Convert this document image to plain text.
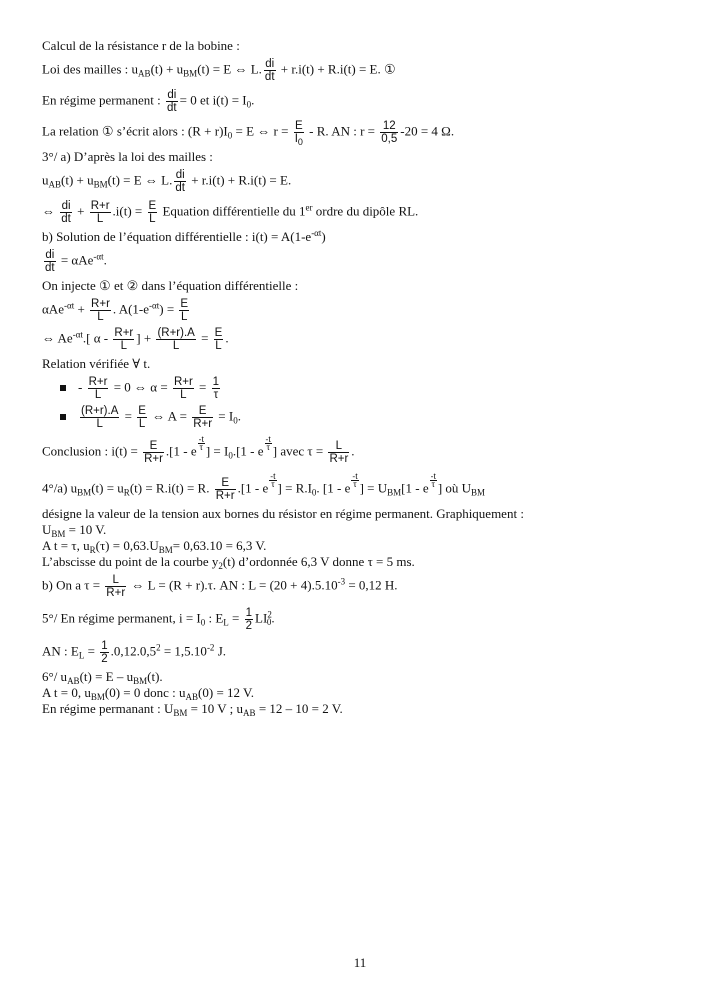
Calcul de la résistance r de la bobine :
Loi des mailles : $u_{AB}(t) + u_{BM}(t) = E$ ⇔ L. $\frac{di}{dt} + r.i(t) + R.i(t) = E$. ①
En régime permanent : $\frac{di}{dt} = 0$ et $i(t) = I_0$.
La relation ① s’écrit alors : $(R + r)I_0 = E$ ⇔ $r = \frac{E}{I_0} - R$. AN : $r = \frac{12}{0,5} -20 = 4$ Ω.
3°/ a) D’après la loi des mailles :
$u_{AB}(t) + u_{BM}(t) = E$ ⇔ L. $\frac{di}{dt} + r.i(t) + R.i(t) = E$.
⇔ $\frac{di}{dt} + \frac{R+r}{L} .i(t) = \frac{E}{L}$ Equation différentielle du 1er ordre du dipôle RL.
b) Solution de l’équation différentielle : $i(t) = A(1-e^{-\alpha t})$
$\frac{di}{dt} = \alpha Ae^{-\alpha t}$.
On injecte ① et ② dans l’équation différentielle :
$\alpha Ae^{-\alpha t} + \frac{R+r}{L}$ . $A(1-e^{-\alpha t}) = \frac{E}{L}$
⇔ $Ae^{-\alpha t}$.[ α - $\frac{R+r}{L}$ ] + $\frac{(R+r).A}{L} = \frac{E}{L}$ .
Relation vérifiée ∀ t.
- $\frac{R+r}{L} = 0$ ⇔ $\alpha = \frac{R+r}{L} = \frac{1}{\tau}$
$\frac{(R+r).A}{L} = \frac{E}{L}$ ⇔ $A = \frac{E}{R+r} = I_0$.
Conclusion : $i(t) = \frac{E}{R+r} .[1 - e \frac{-t}{\tau}$ ] = $I_0.[1$ - e $\frac{-t}{\tau}$ ] avec $\tau = \frac{L}{R+r}$ .
4°/a) $u_{BM}(t) = u_R(t) = R.i(t) = R$. $\frac{E}{R+r} .[1$ - e $\frac{-t}{\tau}$ ] = $R.I_0$. [1 - e $\frac{-t}{\tau}$ ] = $U_{BM}[1$ - e $\frac{-t}{\tau}$ ] où $U_{BM}$
désigne la valeur de la tension aux bornes du résistor en régime permanent. Graphiquement :
$U_{BM} = 10$ V.
A t = τ, $u_R(\tau) = 0,63.U_{BM}= 0,63.10 = 6,3$ V.
L’abscisse du point de la courbe $y_2(t)$ d’ordonnée 6,3 V donne τ = 5 ms.
b) On a $\tau = \frac{L}{R+r}$ ⇔ L = (R + r).τ. AN : $L = (20 + 4).5.10^{-3} = 0,12$ H.
5°/ En régime permanent, $i = I_0$ : $E_L = \frac{1}{2} LI^2_0$.
AN : $E_L = \frac{1}{2} .0,12.0,5^2 = 1,5.10^{-2}$ J.
6°/ $u_{AB}(t) = E - u_{BM}(t)$.
A t = 0, $u_{BM}(0) = 0$ donc : $u_{AB}(0) = 12$ V.
En régime permanant : $U_{BM} = 10$ V ; $u_{AB} = 12 - 10 = 2$ V.
11
